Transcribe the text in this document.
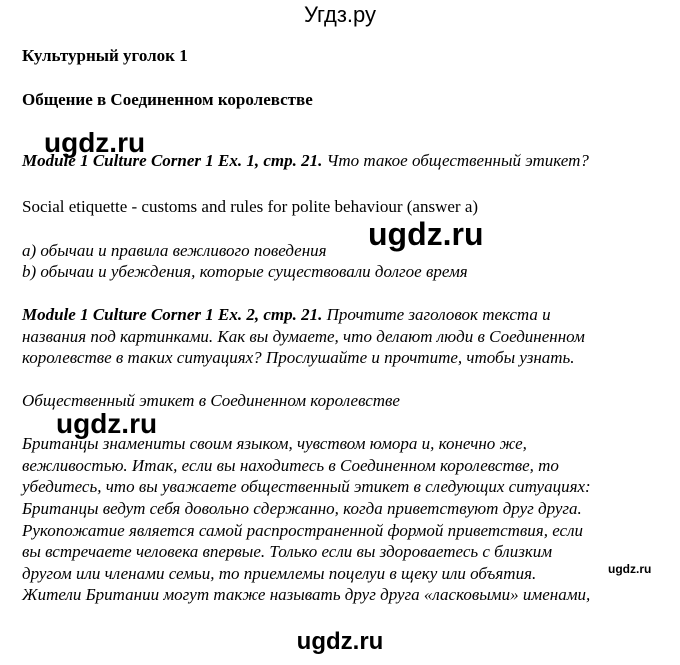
Угдз.ру
Культурный уголок 1
Общение в Соединенном королевстве
ugdz.ru
Module 1 Culture Corner 1 Ex. 1, стр. 21. Что такое общественный этикет?
Social etiquette - customs and rules for polite behaviour (answer a)
ugdz.ru
a) обычаи и правила вежливого поведения
b) обычаи и убеждения, которые существовали долгое время
Module 1 Culture Corner 1 Ex. 2, стр. 21. Прочтите заголовок текста и
названия под картинками. Как вы думаете, что делают люди в Соединенном
королевстве в таких ситуациях? Прослушайте и прочтите, чтобы узнать.
Общественный этикет в Соединенном королевстве
ugdz.ru
Британцы знамениты своим языком, чувством юмора и, конечно же,
вежливостью. Итак, если вы находитесь в Соединенном королевстве, то
убедитесь, что вы уважаете общественный этикет в следующих ситуациях:
Британцы ведут себя довольно сдержанно, когда приветствуют друг друга.
Рукопожатие является самой распространенной формой приветствия, если
вы встречаете человека впервые. Только если вы здороваетесь с близким
другом или членами семьи, то приемлемы поцелуи в щеку или объятия.	ugdz.ru
Жители Британии могут также называть друг друга «ласковыми» именами,
ugdz.ru
